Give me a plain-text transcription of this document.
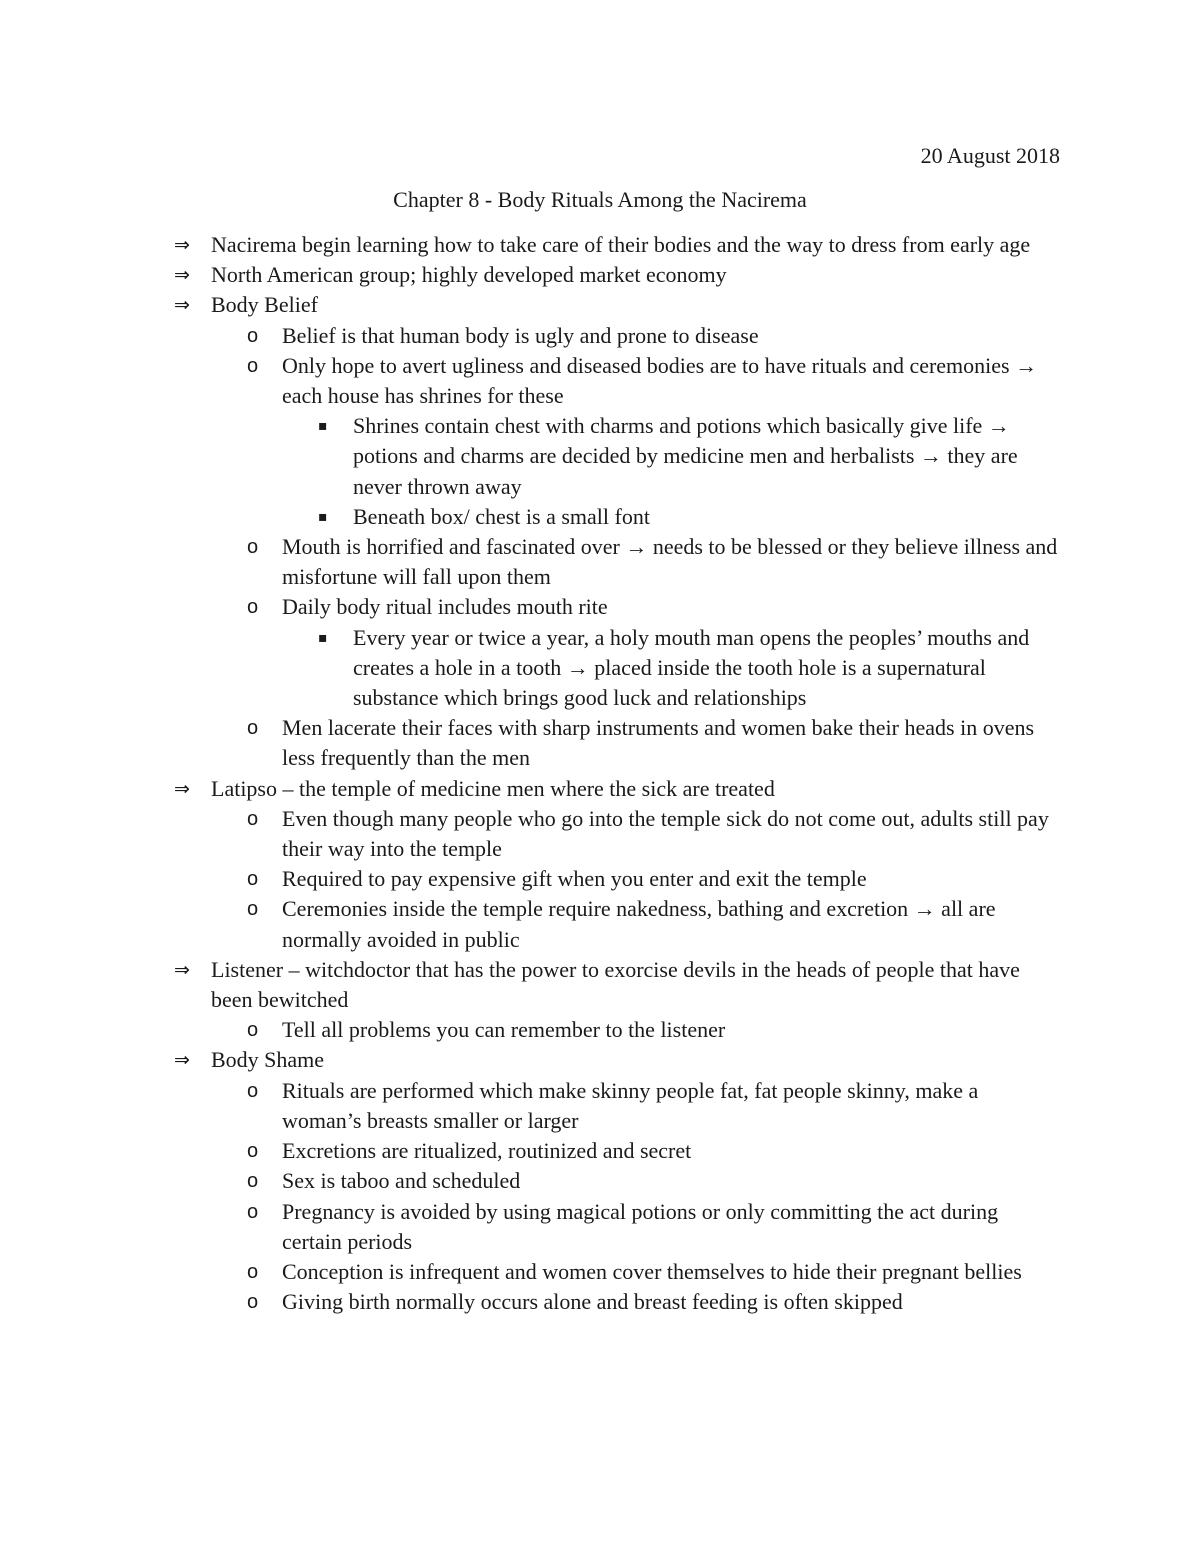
20 August 2018
Chapter 8 - Body Rituals Among the Nacirema
⇒ Nacirema begin learning how to take care of their bodies and the way to dress from early age
⇒ North American group; highly developed market economy
⇒ Body Belief
o Belief is that human body is ugly and prone to disease
o Only hope to avert ugliness and diseased bodies are to have rituals and ceremonies → each house has shrines for these
▪ Shrines contain chest with charms and potions which basically give life → potions and charms are decided by medicine men and herbalists → they are never thrown away
▪ Beneath box/ chest is a small font
o Mouth is horrified and fascinated over → needs to be blessed or they believe illness and misfortune will fall upon them
o Daily body ritual includes mouth rite
▪ Every year or twice a year, a holy mouth man opens the peoples’ mouths and creates a hole in a tooth → placed inside the tooth hole is a supernatural substance which brings good luck and relationships
o Men lacerate their faces with sharp instruments and women bake their heads in ovens less frequently than the men
⇒ Latipso – the temple of medicine men where the sick are treated
o Even though many people who go into the temple sick do not come out, adults still pay their way into the temple
o Required to pay expensive gift when you enter and exit the temple
o Ceremonies inside the temple require nakedness, bathing and excretion → all are normally avoided in public
⇒ Listener – witchdoctor that has the power to exorcise devils in the heads of people that have been bewitched
o Tell all problems you can remember to the listener
⇒ Body Shame
o Rituals are performed which make skinny people fat, fat people skinny, make a woman’s breasts smaller or larger
o Excretions are ritualized, routinized and secret
o Sex is taboo and scheduled
o Pregnancy is avoided by using magical potions or only committing the act during certain periods
o Conception is infrequent and women cover themselves to hide their pregnant bellies
o Giving birth normally occurs alone and breast feeding is often skipped
